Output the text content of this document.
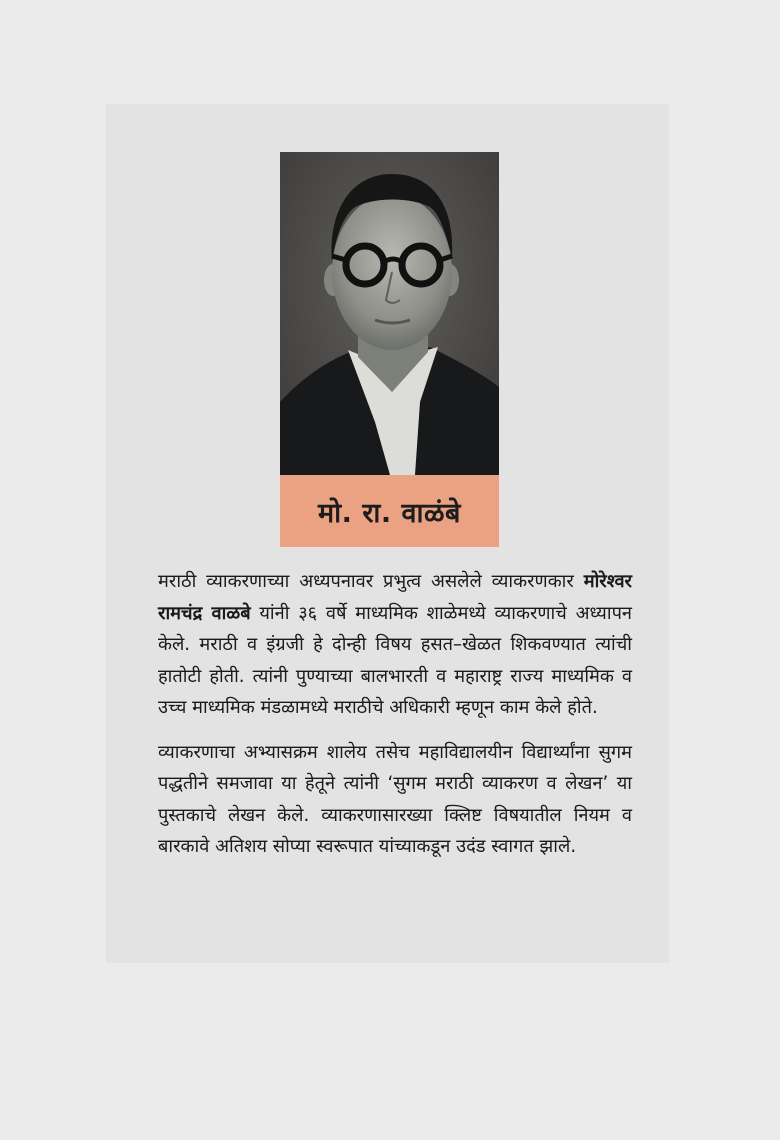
मो. रा. वाळंबे

मराठी व्याकरणाच्या अध्यपनावर प्रभुत्व असलेले व्याकरणकार मोरेश्वर रामचंद्र वाळबे यांनी ३६ वर्षे माध्यमिक शाळेमध्ये व्याकरणाचे अध्यापन केले. मराठी व इंग्रजी हे दोन्ही विषय हसत–खेळत शिकवण्यात त्यांची हातोटी होती. त्यांनी पुण्याच्या बालभारती व महाराष्ट्र राज्य माध्यमिक व उच्च माध्यमिक मंडळामध्ये मराठीचे अधिकारी म्हणून काम केले होते.

व्याकरणाचा अभ्यासक्रम शालेय तसेच महाविद्यालयीन विद्यार्थ्यांना सुगम पद्धतीने समजावा या हेतूने त्यांनी ‘सुगम मराठी व्याकरण व लेखन’ या पुस्तकाचे लेखन केले. व्याकरणासारख्या क्लिष्ट विषयातील नियम व बारकावे अतिशय सोप्या स्वरूपात यांच्याकडून उदंड स्वागत झाले.
